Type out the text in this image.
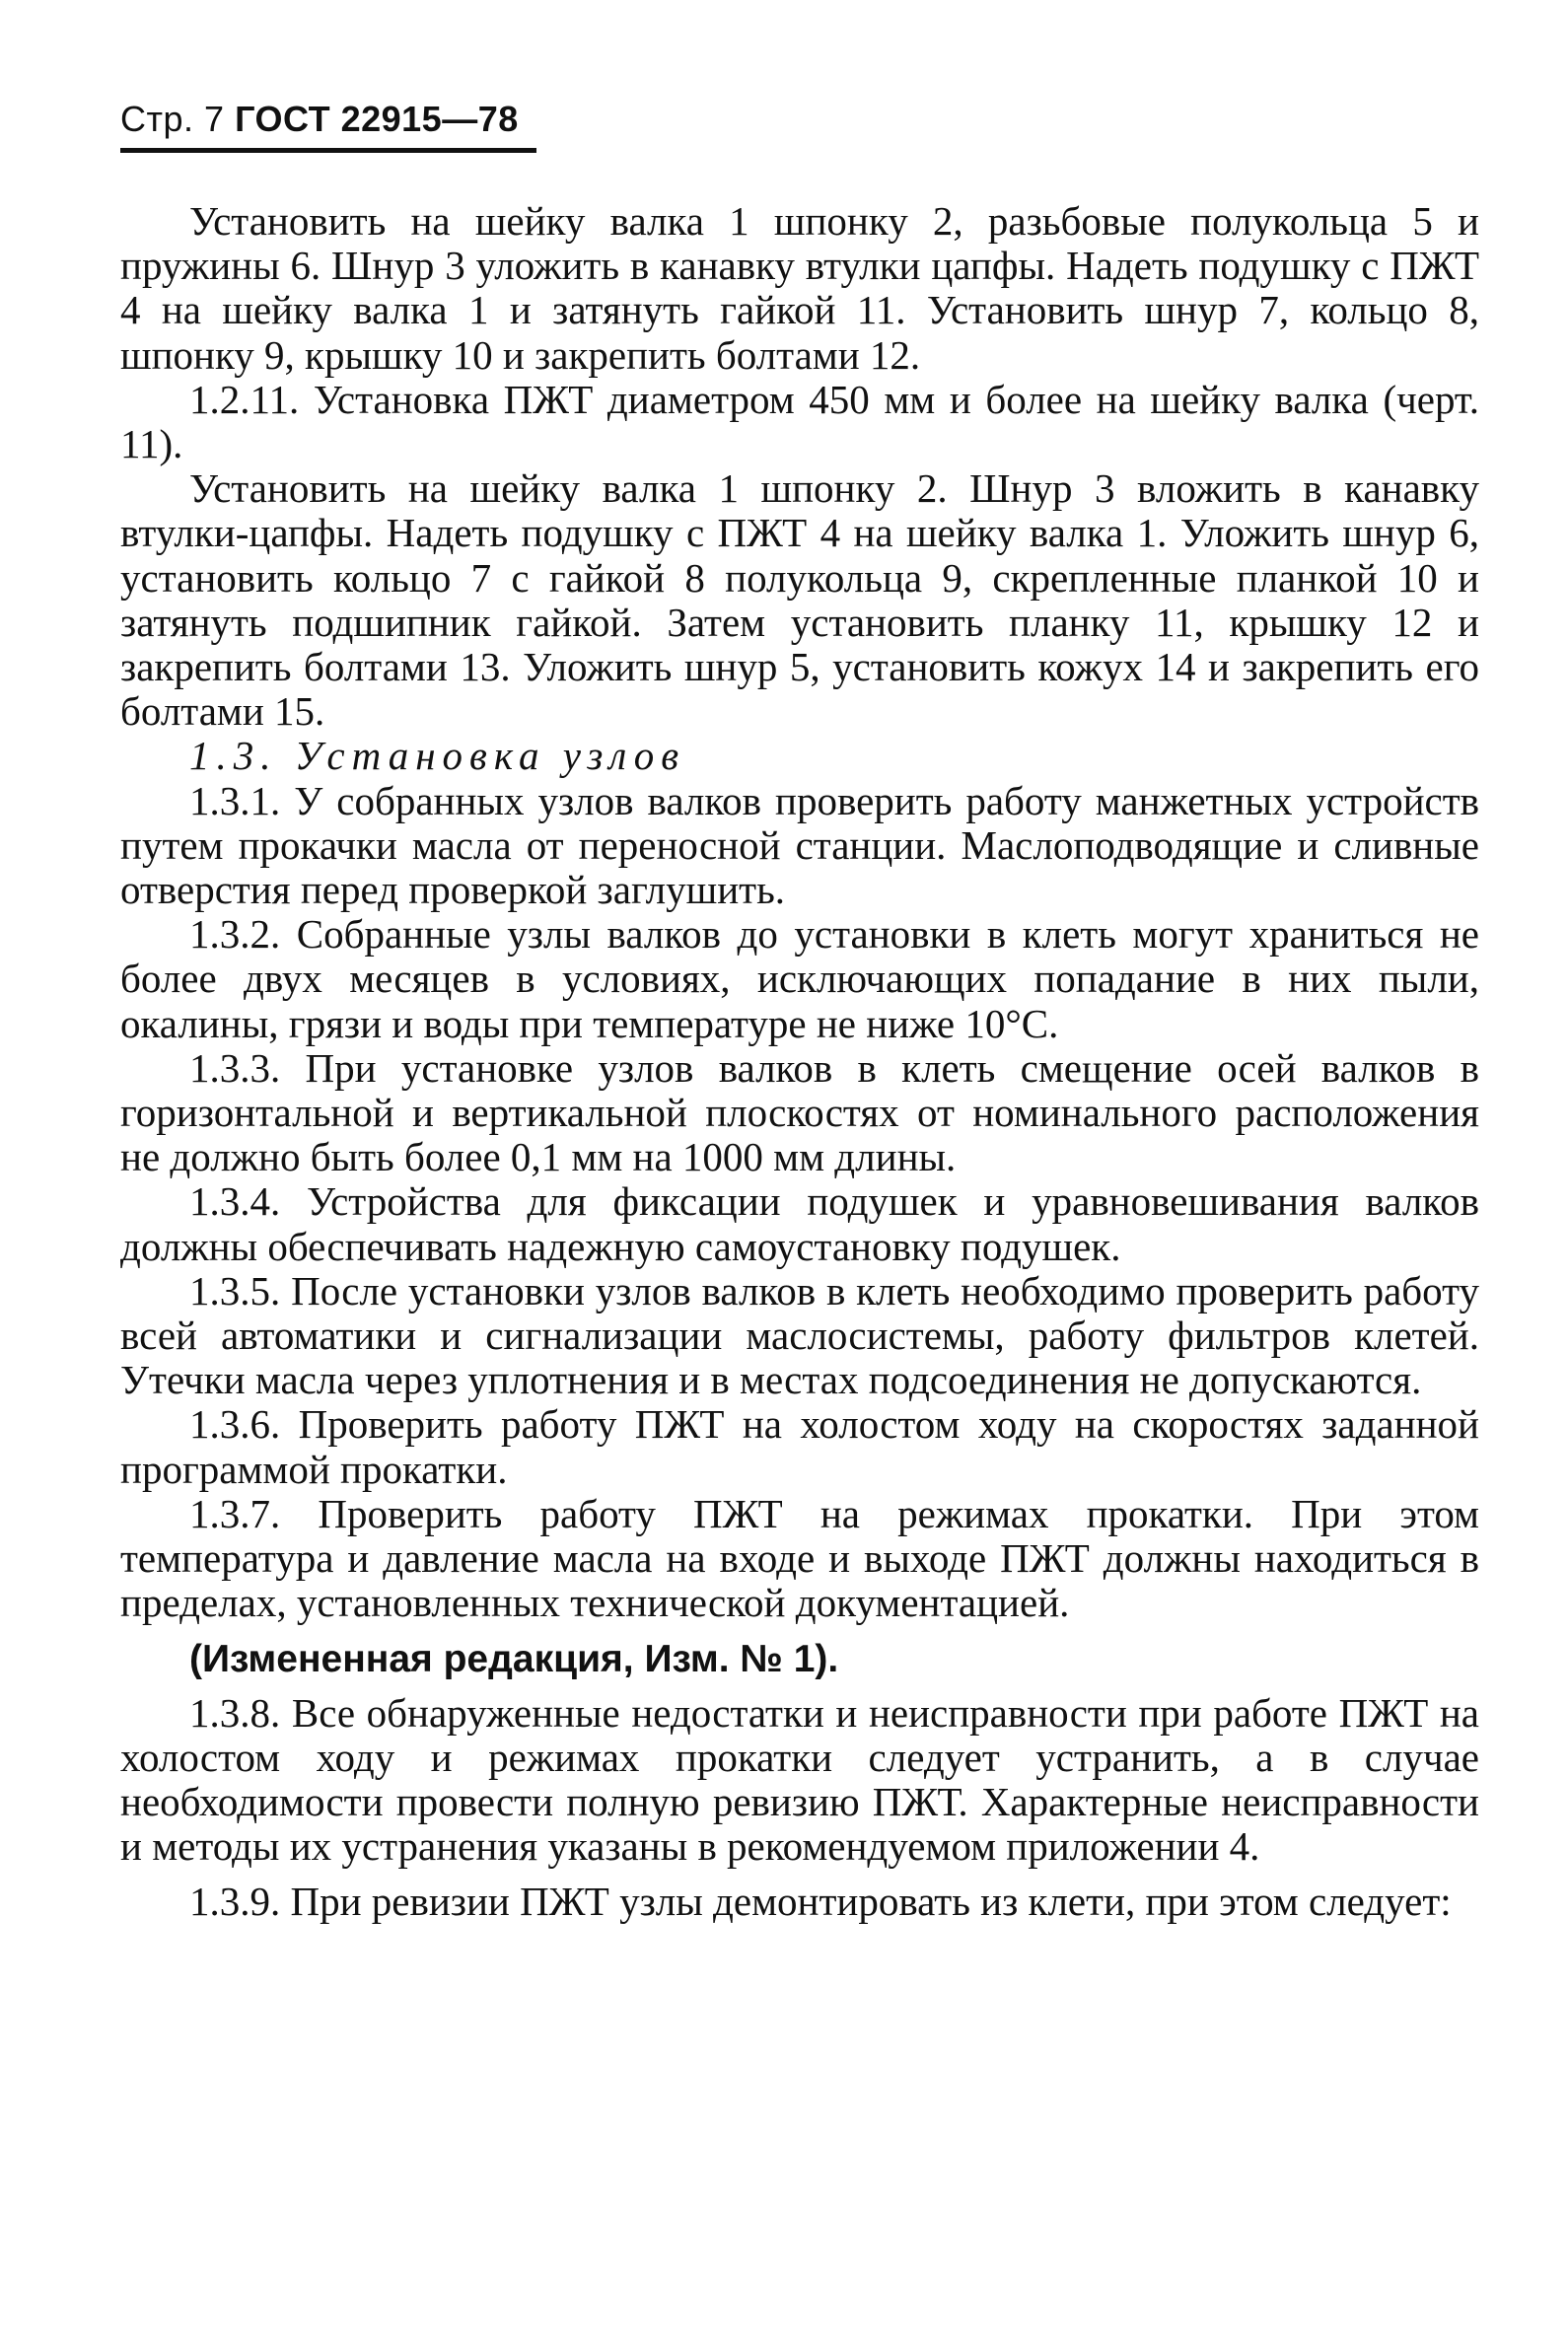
Стр. 7 ГОСТ 22915—78

Установить на шейку валка 1 шпонку 2, разьбовые полукольца 5 и пружины 6. Шнур 3 уложить в канавку втулки цапфы. Надеть подушку с ПЖТ 4 на шейку валка 1 и затянуть гайкой 11. Установить шнур 7, кольцо 8, шпонку 9, крышку 10 и закрепить болтами 12.

1.2.11. Установка ПЖТ диаметром 450 мм и более на шейку валка (черт. 11).

Установить на шейку валка 1 шпонку 2. Шнур 3 вложить в канавку втулки-цапфы. Надеть подушку с ПЖТ 4 на шейку валка 1. Уложить шнур 6, установить кольцо 7 с гайкой 8 полукольца 9, скрепленные планкой 10 и затянуть подшипник гайкой. Затем установить планку 11, крышку 12 и закрепить болтами 13. Уложить шнур 5, установить кожух 14 и закрепить его болтами 15.

1.3. Установка узлов

1.3.1. У собранных узлов валков проверить работу манжетных устройств путем прокачки масла от переносной станции. Маслоподводящие и сливные отверстия перед проверкой заглушить.

1.3.2. Собранные узлы валков до установки в клеть могут храниться не более двух месяцев в условиях, исключающих попадание в них пыли, окалины, грязи и воды при температуре не ниже 10°С.

1.3.3. При установке узлов валков в клеть смещение осей валков в горизонтальной и вертикальной плоскостях от номинального расположения не должно быть более 0,1 мм на 1000 мм длины.

1.3.4. Устройства для фиксации подушек и уравновешивания валков должны обеспечивать надежную самоустановку подушек.

1.3.5. После установки узлов валков в клеть необходимо проверить работу всей автоматики и сигнализации маслосистемы, работу фильтров клетей. Утечки масла через уплотнения и в местах подсоединения не допускаются.

1.3.6. Проверить работу ПЖТ на холостом ходу на скоростях заданной программой прокатки.

1.3.7. Проверить работу ПЖТ на режимах прокатки. При этом температура и давление масла на входе и выходе ПЖТ должны находиться в пределах, установленных технической документацией.

(Измененная редакция, Изм. № 1).

1.3.8. Все обнаруженные недостатки и неисправности при работе ПЖТ на холостом ходу и режимах прокатки следует устранить, а в случае необходимости провести полную ревизию ПЖТ. Характерные неисправности и методы их устранения указаны в рекомендуемом приложении 4.

1.3.9. При ревизии ПЖТ узлы демонтировать из клети, при этом следует:
